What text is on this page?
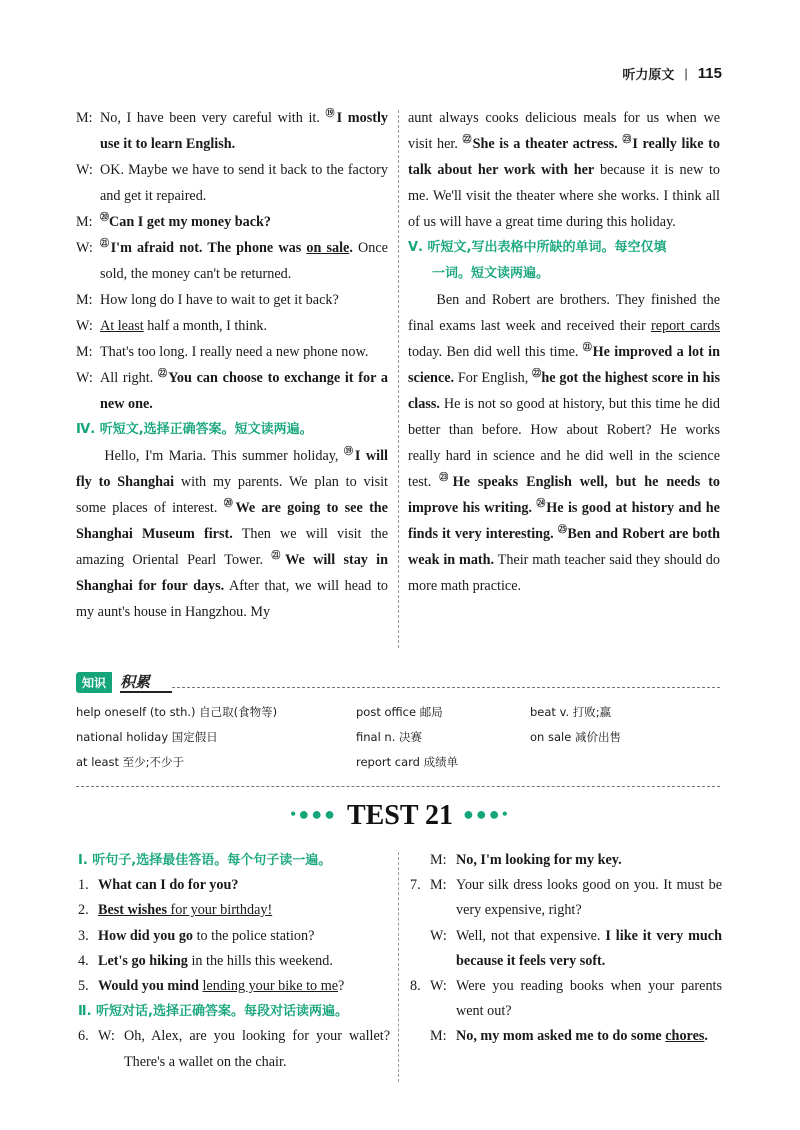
听力原文 | 115
M: No, I have been very careful with it. ⑲I mostly use it to learn English.
W: OK. Maybe we have to send it back to the factory and get it repaired.
M: ⑳Can I get my money back?
W: $^㉑$I'm afraid not. The phone was on sale. Once sold, the money can't be returned.
M: How long do I have to wait to get it back?
W: At least half a month, I think.
M: That's too long. I really need a new phone now.
W: All right. $^㉒$You can choose to exchange it for a new one.
Ⅳ. 听短文,选择正确答案。短文读两遍。
Hello, I'm Maria. This summer holiday, ⑲I will fly to Shanghai with my parents. We plan to visit some places of interest. ⑳We are going to see the Shanghai Museum first. Then we will visit the amazing Oriental Pearl Tower. $^㉑$We will stay in Shanghai for four days. After that, we will head to my aunt's house in Hangzhou. My
aunt always cooks delicious meals for us when we visit her. $^㉒$She is a theater actress. $^㉓$I really like to talk about her work with her because it is new to me. We'll visit the theater where she works. I think all of us will have a great time during this holiday.
Ⅴ. 听短文,写出表格中所缺的单词。每空仅填
一词。短文读两遍。
Ben and Robert are brothers. They finished the final exams last week and received their report cards today. Ben did well this time. $^㉑$He improved a lot in science. For English, $^㉒$he got the highest score in his class. He is not so good at history, but this time he did better than before. How about Robert? He works really hard in science and he did well in the science test. $^㉓$He speaks English well, but he needs to improve his writing. $^㉔$He is good at history and he finds it very interesting. $^㉕$Ben and Robert are both weak in math. Their math teacher said they should do more math practice.
知识 积累
help oneself (to sth.) 自己取(食物等)	post office 邮局	beat v. 打败;赢
national holiday 国定假日	final n. 决赛	on sale 减价出售
at least 至少;不少于	report card 成绩单
•●●● TEST 21 ●●●•
Ⅰ. 听句子,选择最佳答语。每个句子读一遍。
1. What can I do for you?
2. Best wishes for your birthday!
3. How did you go to the police station?
4. Let's go hiking in the hills this weekend.
5. Would you mind lending your bike to me?
Ⅱ. 听短对话,选择正确答案。每段对话读两遍。
6. W: Oh, Alex, are you looking for your wallet? There's a wallet on the chair.
M: No, I'm looking for my key.
7. M: Your silk dress looks good on you. It must be very expensive, right?
W: Well, not that expensive. I like it very much because it feels very soft.
8. W: Were you reading books when your parents went out?
M: No, my mom asked me to do some chores.
